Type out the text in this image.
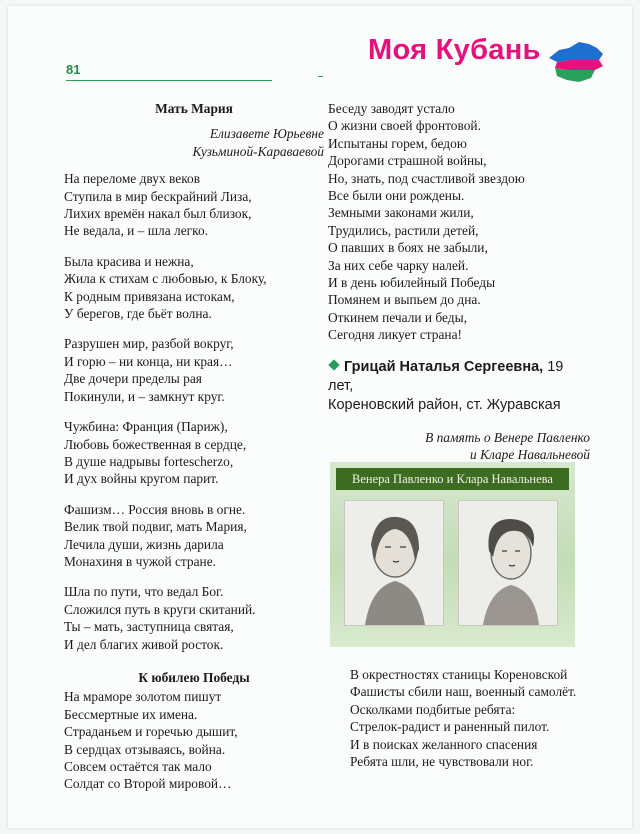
81
Моя Кубань
Мать Мария
Елизавете Юрьевне
Кузьминой-Караваевой
На переломе двух веков
Ступила в мир бескрайний Лиза,
Лихих времён накал был близок,
Не ведала, и – шла легко.
Была красива и нежна,
Жила к стихам с любовью, к Блоку,
К родным привязана истокам,
У берегов, где бьёт волна.
Разрушен мир, разбой вокруг,
И горю – ни конца, ни края…
Две дочери пределы рая
Покинули, и – замкнут круг.
Чужбина: Франция (Париж),
Любовь божественная в сердце,
В душе надрывы fortescherzo,
И дух войны кругом парит.
Фашизм… Россия вновь в огне.
Велик твой подвиг, мать Мария,
Лечила души, жизнь дарила
Монахиня в чужой стране.
Шла по пути, что ведал Бог.
Сложился путь в круги скитаний.
Ты – мать, заступница святая,
И дел благих живой росток.
К юбилею Победы
На мраморе золотом пишут
Бессмертные их имена.
Страданьем и горечью дышит,
В сердцах отзываясь, война.
Совсем остаётся так мало
Солдат со Второй мировой…
Беседу заводят устало
О жизни своей фронтовой.
Испытаны горем, бедою
Дорогами страшной войны,
Но, знать, под счастливой звездою
Все были они рождены.
Земными законами жили,
Трудились, растили детей,
О павших в боях не забыли,
За них себе чарку налей.
И в день юбилейный Победы
Помянем и выпьем до дна.
Откинем печали и беды,
Сегодня ликует страна!
Грицай Наталья Сергеевна, 19 лет,
Кореновский район, ст. Журавская
В память о Венере Павленко
и Кларе Навальневой
Венера Павленко и Клара Навальнева
В окрестностях станицы Кореновской
Фашисты сбили наш, военный самолёт.
Осколками подбитые ребята:
Стрелок-радист и раненный пилот.
И в поисках желанного спасения
Ребята шли, не чувствовали ног.
